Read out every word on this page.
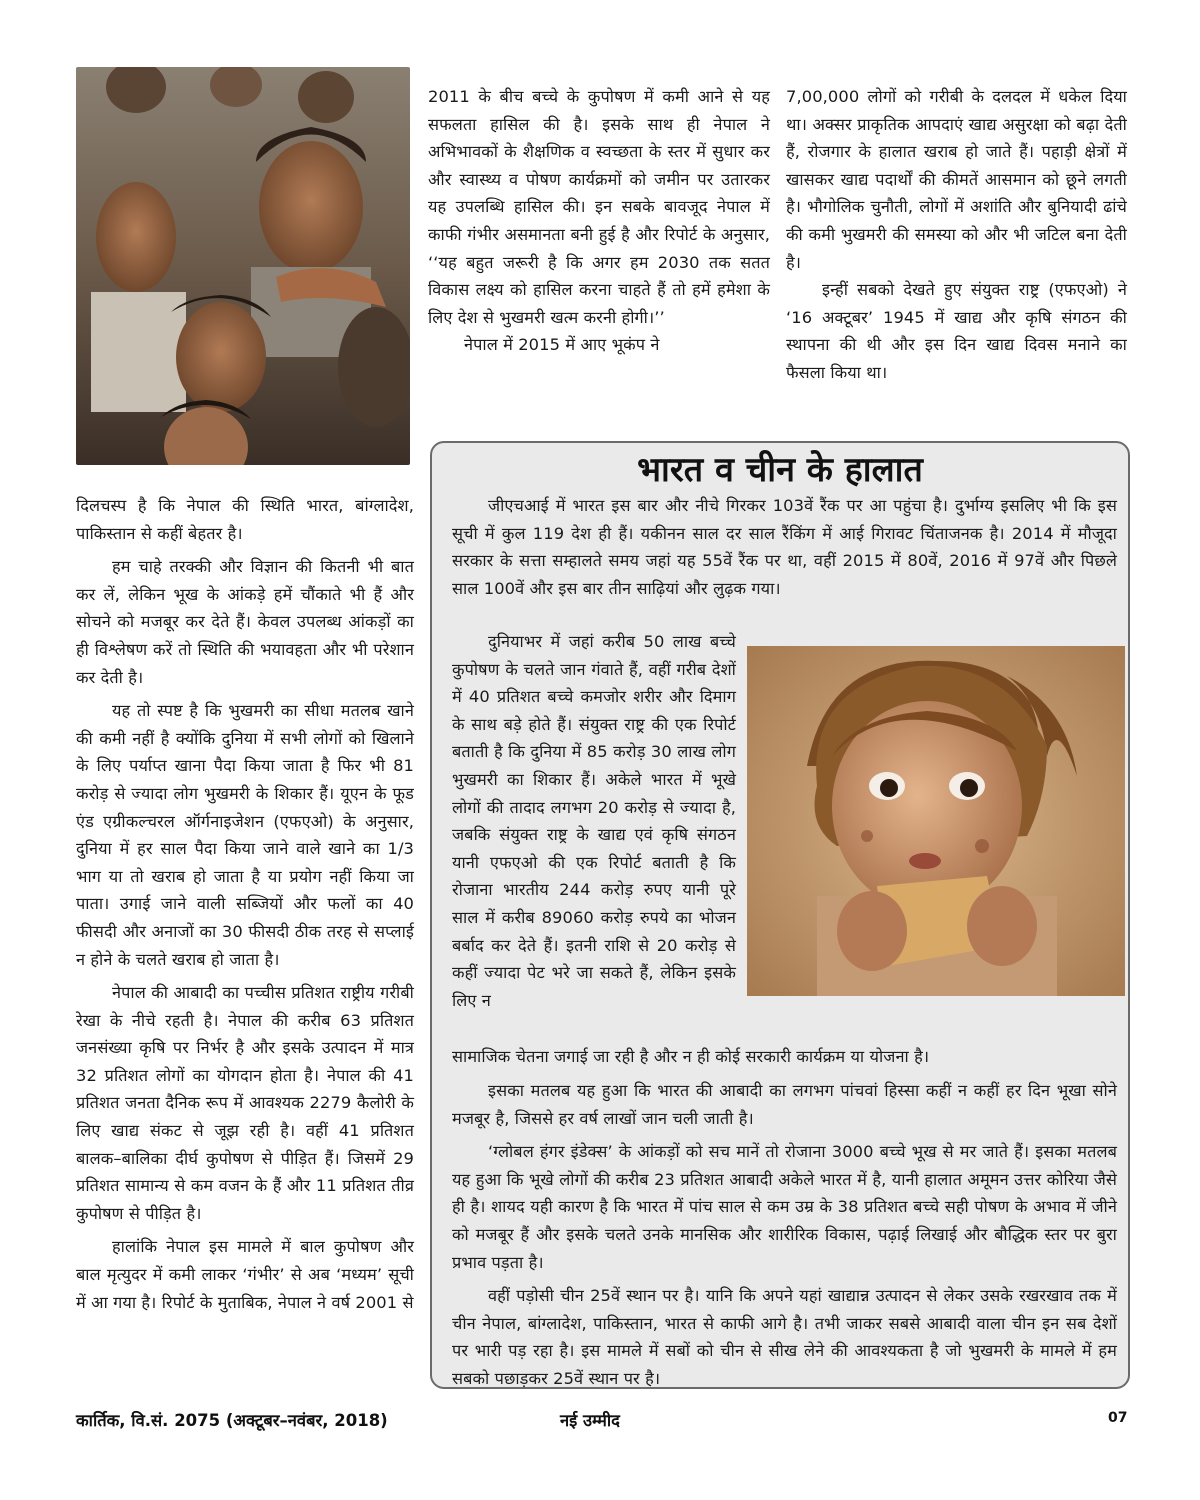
2011 के बीच बच्चे के कुपोषण में कमी आने से यह सफलता हासिल की है। इसके साथ ही नेपाल ने अभिभावकों के शैक्षणिक व स्वच्छता के स्तर में सुधार कर और स्वास्थ्य व पोषण कार्यक्रमों को जमीन पर उतारकर यह उपलब्धि हासिल की। इन सबके बावजूद नेपाल में काफी गंभीर असमानता बनी हुई है और रिपोर्ट के अनुसार, ‘‘यह बहुत जरूरी है कि अगर हम 2030 तक सतत विकास लक्ष्य को हासिल करना चाहते हैं तो हमें हमेशा के लिए देश से भुखमरी खत्म करनी होगी।’’

नेपाल में 2015 में आए भूकंप ने

7,00,000 लोगों को गरीबी के दलदल में धकेल दिया था। अक्सर प्राकृतिक आपदाएं खाद्य असुरक्षा को बढ़ा देती हैं, रोजगार के हालात खराब हो जाते हैं। पहाड़ी क्षेत्रों में खासकर खाद्य पदार्थों की कीमतें आसमान को छूने लगती है। भौगोलिक चुनौती, लोगों में अशांति और बुनियादी ढांचे की कमी भुखमरी की समस्या को और भी जटिल बना देती है।

इन्हीं सबको देखते हुए संयुक्त राष्ट्र (एफएओ) ने ‘16 अक्टूबर’ 1945 में खाद्य और कृषि संगठन की स्थापना की थी और इस दिन खाद्य दिवस मनाने का फैसला किया था।

दिलचस्प है कि नेपाल की स्थिति भारत, बांग्लादेश, पाकिस्तान से कहीं बेहतर है।

हम चाहे तरक्की और विज्ञान की कितनी भी बात कर लें, लेकिन भूख के आंकड़े हमें चौंकाते भी हैं और सोचने को मजबूर कर देते हैं। केवल उपलब्ध आंकड़ों का ही विश्लेषण करें तो स्थिति की भयावहता और भी परेशान कर देती है।

यह तो स्पष्ट है कि भुखमरी का सीधा मतलब खाने की कमी नहीं है क्योंकि दुनिया में सभी लोगों को खिलाने के लिए पर्याप्त खाना पैदा किया जाता है फिर भी 81 करोड़ से ज्यादा लोग भुखमरी के शिकार हैं। यूएन के फूड एंड एग्रीकल्चरल ऑर्गनाइजेशन (एफएओ) के अनुसार, दुनिया में हर साल पैदा किया जाने वाले खाने का 1/3 भाग या तो खराब हो जाता है या प्रयोग नहीं किया जा पाता। उगाई जाने वाली सब्जियों और फलों का 40 फीसदी और अनाजों का 30 फीसदी ठीक तरह से सप्लाई न होने के चलते खराब हो जाता है।

नेपाल की आबादी का पच्चीस प्रतिशत राष्ट्रीय गरीबी रेखा के नीचे रहती है। नेपाल की करीब 63 प्रतिशत जनसंख्या कृषि पर निर्भर है और इसके उत्पादन में मात्र 32 प्रतिशत लोगों का योगदान होता है। नेपाल की 41 प्रतिशत जनता दैनिक रूप में आवश्यक 2279 कैलोरी के लिए खाद्य संकट से जूझ रही है। वहीं 41 प्रतिशत बालक–बालिका दीर्घ कुपोषण से पीड़ित हैं। जिसमें 29 प्रतिशत सामान्य से कम वजन के हैं और 11 प्रतिशत तीव्र कुपोषण से पीड़ित है।

हालांकि नेपाल इस मामले में बाल कुपोषण और बाल मृत्युदर में कमी लाकर ‘गंभीर’ से अब ‘मध्यम’ सूची में आ गया है। रिपोर्ट के मुताबिक, नेपाल ने वर्ष 2001 से

भारत व चीन के हालात

जीएचआई में भारत इस बार और नीचे गिरकर 103वें रैंक पर आ पहुंचा है। दुर्भाग्य इसलिए भी कि इस सूची में कुल 119 देश ही हैं। यकीनन साल दर साल रैंकिंग में आई गिरावट चिंताजनक है। 2014 में मौजूदा सरकार के सत्ता सम्हालते समय जहां यह 55वें रैंक पर था, वहीं 2015 में 80वें, 2016 में 97वें और पिछले साल 100वें और इस बार तीन साढ़ियां और लुढ़क गया।

दुनियाभर में जहां करीब 50 लाख बच्चे कुपोषण के चलते जान गंवाते हैं, वहीं गरीब देशों में 40 प्रतिशत बच्चे कमजोर शरीर और दिमाग के साथ बड़े होते हैं। संयुक्त राष्ट्र की एक रिपोर्ट बताती है कि दुनिया में 85 करोड़ 30 लाख लोग भुखमरी का शिकार हैं। अकेले भारत में भूखे लोगों की तादाद लगभग 20 करोड़ से ज्यादा है, जबकि संयुक्त राष्ट्र के खाद्य एवं कृषि संगठन यानी एफएओ की एक रिपोर्ट बताती है कि रोजाना भारतीय 244 करोड़ रुपए यानी पूरे साल में करीब 89060 करोड़ रुपये का भोजन बर्बाद कर देते हैं। इतनी राशि से 20 करोड़ से कहीं ज्यादा पेट भरे जा सकते हैं, लेकिन इसके लिए न

सामाजिक चेतना जगाई जा रही है और न ही कोई सरकारी कार्यक्रम या योजना है।

इसका मतलब यह हुआ कि भारत की आबादी का लगभग पांचवां हिस्सा कहीं न कहीं हर दिन भूखा सोने मजबूर है, जिससे हर वर्ष लाखों जान चली जाती है।

‘ग्लोबल हंगर इंडेक्स’ के आंकड़ों को सच मानें तो रोजाना 3000 बच्चे भूख से मर जाते हैं। इसका मतलब यह हुआ कि भूखे लोगों की करीब 23 प्रतिशत आबादी अकेले भारत में है, यानी हालात अमूमन उत्तर कोरिया जैसे ही है। शायद यही कारण है कि भारत में पांच साल से कम उम्र के 38 प्रतिशत बच्चे सही पोषण के अभाव में जीने को मजबूर हैं और इसके चलते उनके मानसिक और शारीरिक विकास, पढ़ाई लिखाई और बौद्धिक स्तर पर बुरा प्रभाव पड़ता है।

वहीं पड़ोसी चीन 25वें स्थान पर है। यानि कि अपने यहां खाद्यान्न उत्पादन से लेकर उसके रखरखाव तक में चीन नेपाल, बांग्लादेश, पाकिस्तान, भारत से काफी आगे है। तभी जाकर सबसे आबादी वाला चीन इन सब देशों पर भारी पड़ रहा है। इस मामले में सबों को चीन से सीख लेने की आवश्यकता है जो भुखमरी के मामले में हम सबको पछाड़कर 25वें स्थान पर है।

कार्तिक, वि.सं. 2075 (अक्टूबर–नवंबर, 2018)	नई उम्मीद	07
